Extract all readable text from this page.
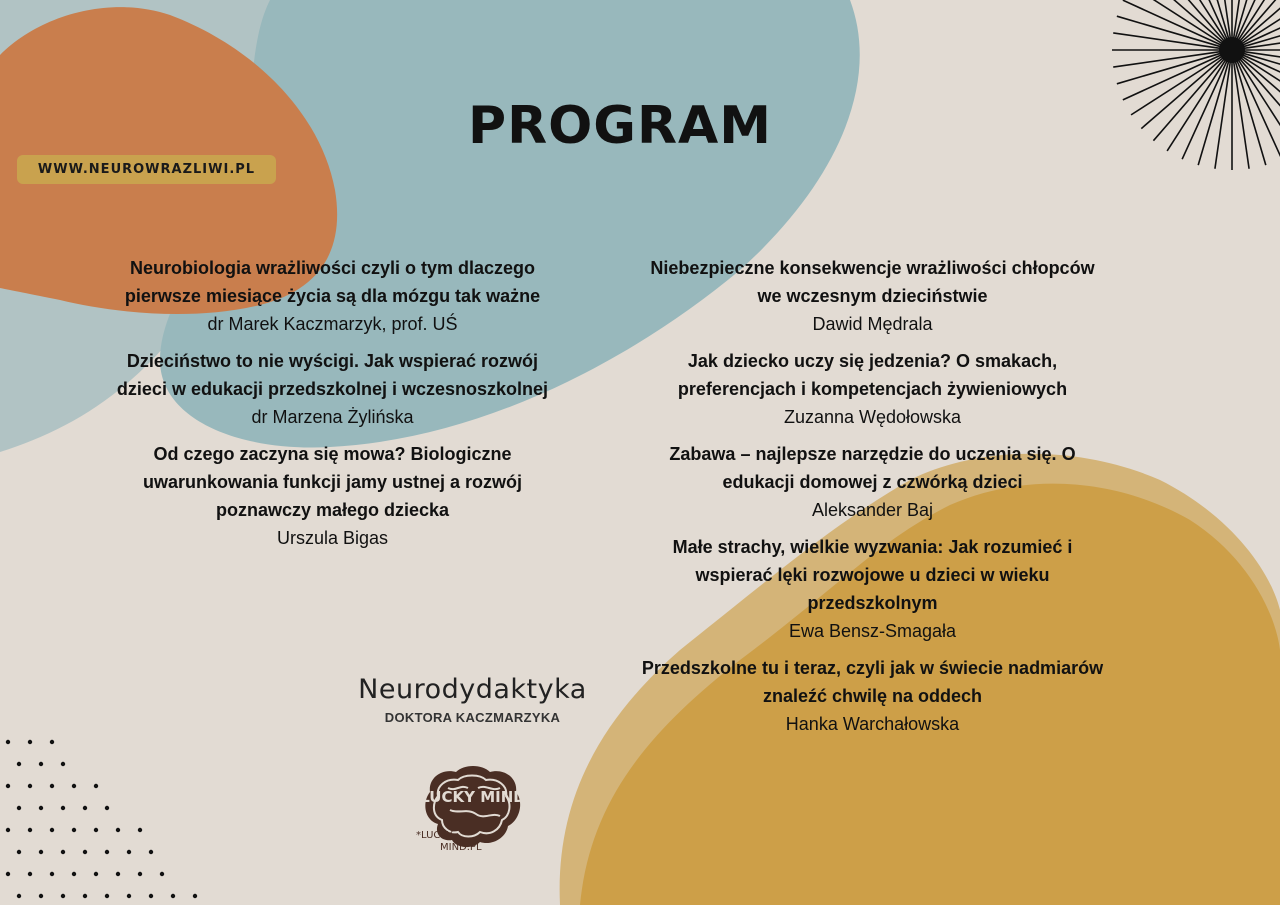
PROGRAM
WWW.NEUROWRAZLIWI.PL
Neurobiologia wrażliwości czyli o tym dlaczego pierwsze miesiące życia są dla mózgu tak ważne
dr Marek Kaczmarzyk, prof. UŚ
Dzieciństwo to nie wyścigi. Jak wspierać rozwój dzieci w edukacji przedszkolnej i wczesnoszkolnej
dr Marzena Żylińska
Od czego zaczyna się mowa? Biologiczne uwarunkowania funkcji jamy ustnej a rozwój poznawczy małego dziecka
Urszula Bigas
Niebezpieczne konsekwencje wrażliwości chłopców we wczesnym dzieciństwie
Dawid Mędrala
Jak dziecko uczy się jedzenia? O smakach, preferencjach i kompetencjach żywieniowych
Zuzanna Wędołowska
Zabawa – najlepsze narzędzie do uczenia się. O edukacji domowej z czwórką dzieci
Aleksander Baj
Małe strachy, wielkie wyzwania: Jak rozumieć i wspierać lęki rozwojowe u dzieci w wieku przedszkolnym
Ewa Bensz-Smagała
Przedszkolne tu i teraz, czyli jak w świecie nadmiarów znaleźć chwilę na oddech
Hanka Warchałowska
Neurodydaktyka
DOKTORA KACZMARZYKA
LUCKY MIND
*LUCKY
MIND.PL
